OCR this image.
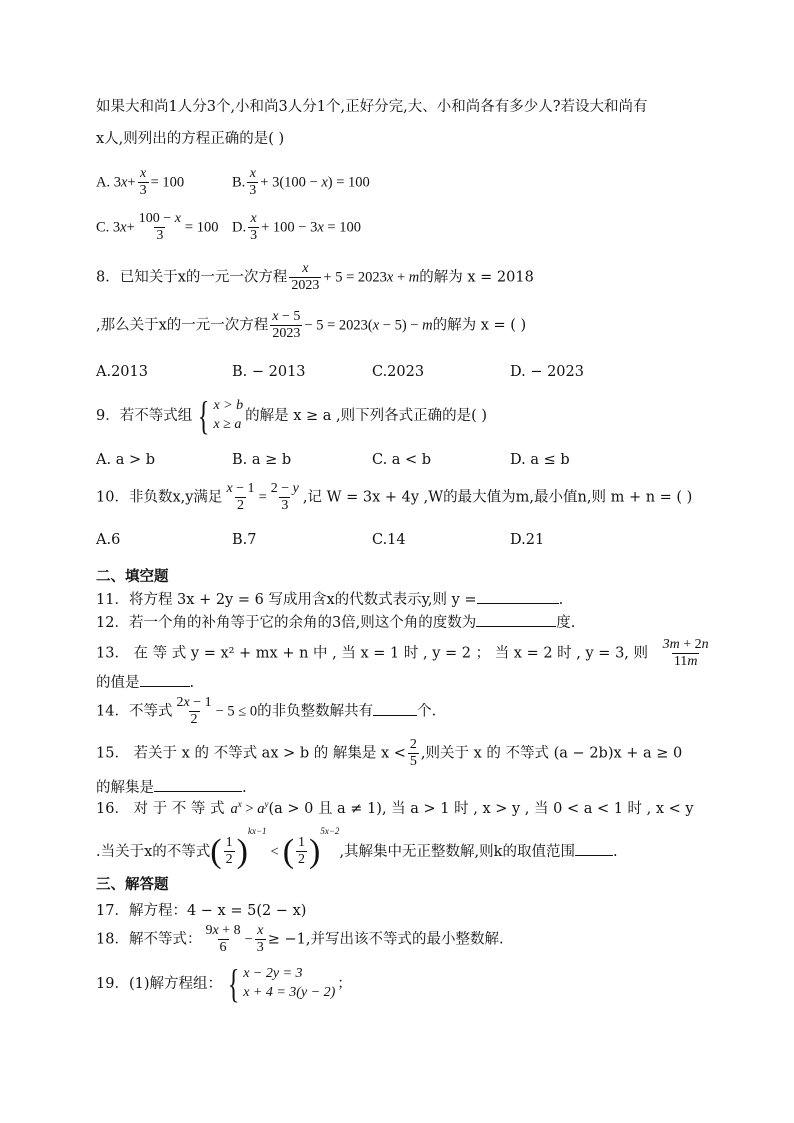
如果大和尚1人分3个,小和尚3人分1个,正好分完,大、小和尚各有多少人?若设大和尚有
x人,则列出的方程正确的是( )
A. $3x+ \frac{x}{3} = 100$	B. $\frac{x}{3} + 3(100 - x) = 100$
C. $3x+ \frac{100 - x}{3} = 100$ D. $\frac{x}{3} + 100 - 3x = 100$
8．已知关于x的一元一次方程 $\frac{x}{2023} + 5 = 2023x + m$的解为 x = 2018
,那么关于x的一元一次方程 $\frac{x - 5}{2023} - 5 = 2023(x - 5) - m$的解为 x = ( )
A.2013	B. − 2013	C.2023	D. − 2023
9．若不等式组 { x > b
x ≥ a
的解是 x ≥ a ,则下列各式正确的是( )
A. a > b	B. a ≥ b	C. a < b	D. a ≤ b
10．非负数x,y满足 $\frac{x - 1}{2} = \frac{2 - y}{3}$ ,记 W = 3x + 4y ,W的最大值为m,最小值n,则 m + n = ( )
A.6	B.7	C.14	D.21
二、填空题
11．将方程 3x + 2y = 6 写成用含x的代数式表示y,则 y =	.
12．若一个角的补角等于它的余角的3倍,则这个角的度数为	度.
13． 在 等 式 y = x² + mx + n 中 , 当 x = 1 时 , y = 2 ； 当 x = 2 时 , y = 3, 则 $\frac{3m + 2n}{11m}$
的值是	.
14．不等式 $\frac{2x - 1}{2} - 5 \le 0$的非负整数解共有	个.
15． 若关于 x 的 不等式 ax > b 的 解集是 $x < \frac{2}{5}$ ,则关于 x 的 不等式 (a − 2b)x + a ≥ 0
的解集是	.
16． 对 于 不 等 式 $a^x > a^y(a > 0$ 且 a ≠ 1), 当 a > 1 时 , x > y , 当 0 < a < 1 时 , x < y
.当关于x的不等式( $\frac{1}{2} )^{kx-1}<$ ( $\frac{1}{2} )^{5x-2}$,其解集中无正整数解,则k的取值范围	.
三、解答题
17．解方程：4 − x = 5(2 − x)
18．解不等式： $\frac{9x + 8}{6} - \frac{x}{3} \ge -1$,并写出该不等式的最小整数解.
19．(1)解方程组： { x − 2y = 3
x + 4 = 3(y − 2)
；
